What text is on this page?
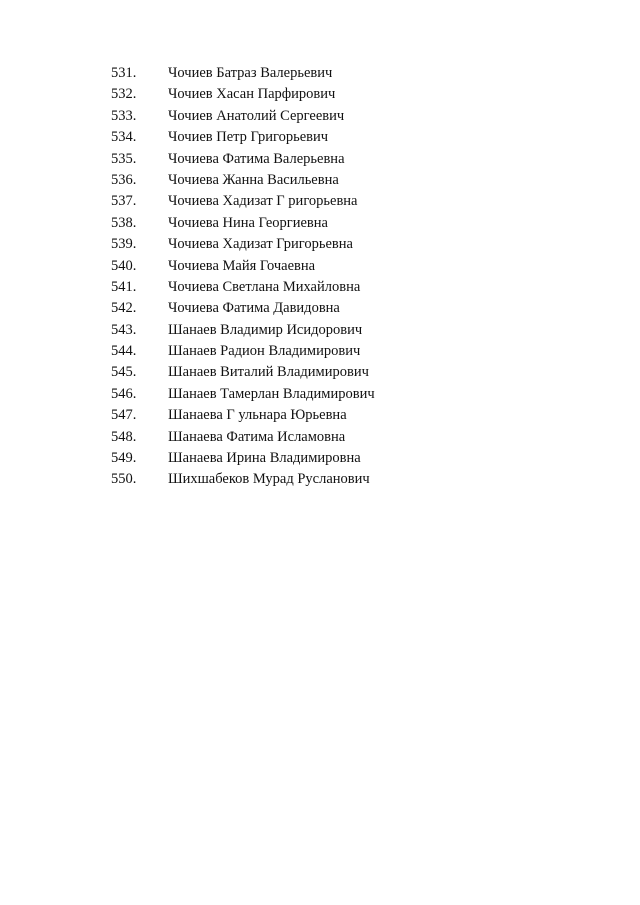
531.	Чочиев Батраз Валерьевич
532.	Чочиев Хасан Парфирович
533.	Чочиев Анатолий Сергеевич
534.	Чочиев Петр Григорьевич
535.	Чочиева Фатима Валерьевна
536.	Чочиева Жанна Васильевна
537.	Чочиева Хадизат Г ригорьевна
538.	Чочиева Нина Георгиевна
539.	Чочиева Хадизат Григорьевна
540.	Чочиева Майя Гочаевна
541.	Чочиева Светлана Михайловна
542.	Чочиева Фатима Давидовна
543.	Шанаев Владимир Исидорович
544.	Шанаев Радион Владимирович
545.	Шанаев Виталий Владимирович
546.	Шанаев Тамерлан Владимирович
547.	Шанаева Г ульнара Юрьевна
548.	Шанаева Фатима Исламовна
549.	Шанаева Ирина Владимировна
550.	Шихшабеков Мурад Русланович
